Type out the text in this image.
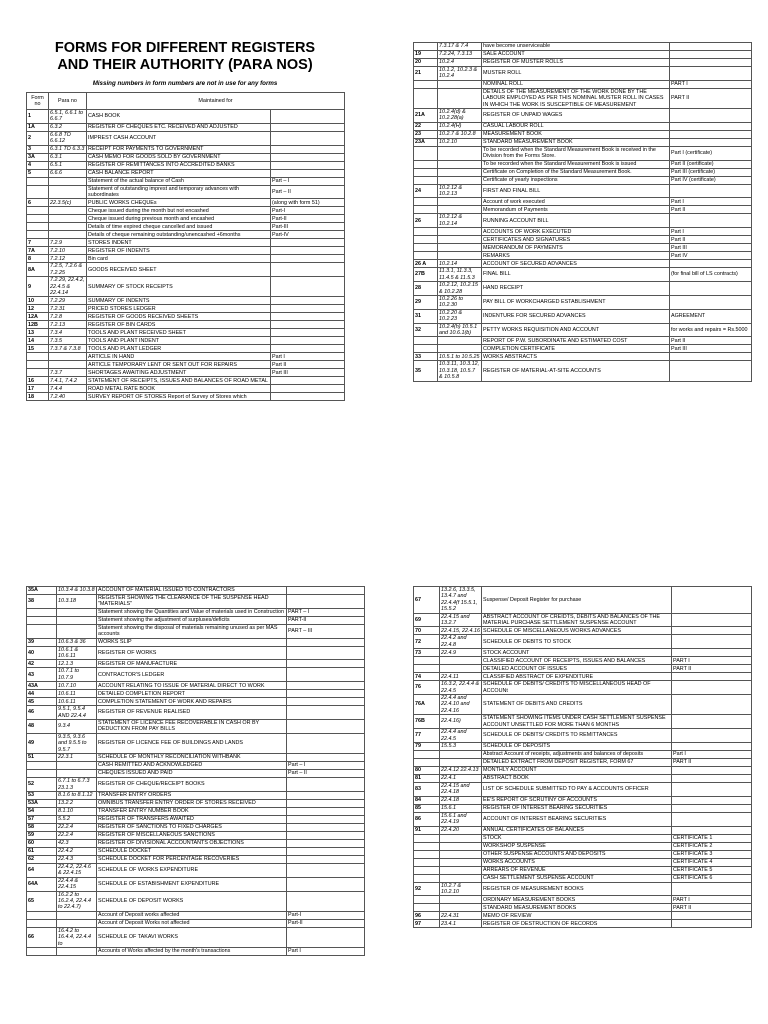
FORMS FOR DIFFERENT REGISTERS
AND THEIR AUTHORITY (PARA NOS)
Missing numbers in form numbers are not in use for any forms
Form no	Para no	Maintained for	
1	6.5.1, 6.6.1 to 6.6.7	CASH BOOK	
1A	6.3.2	REGISTER OF CHEQUES ETC. RECEIVED AND ADJUSTED	
2	6.6.8 TO 6.6.12	IMPREST CASH ACCOUNT	
3	6.3.1 TO 6.3.3	RECEIPT FOR PAYMENTS TO GOVERNMENT	
3A	6.3.1	CASH MEMO FOR GOODS SOLD BY GOVERNMENT	
4	6.5.1	REGISTER OF REMITTANCES INTO ACCREDITED BANKS	
5	6.6.6	CASH BALANCE REPORT	
		Statement of the actual balance of Cash	Part – I
		Statement of outstanding imprest and temporary advances with subordinates	Part – II
6	22.3.5(c)	PUBLIC WORKS CHEQUEs	(along with form 51)
		Cheque issued during the month but not encashed	Part-I
		Cheque issued during previous month and encashed	Part-II
		Details of time expired cheque cancelled and issued	Part-III
		Details of cheque remaining outstanding/unencashed +6months	Part-IV
7	7.2.9	STORES INDENT	
7A	7.2.10	REGISTER OF INDENTS	
8	7.2.12	Bin card	
8A	7.2.5, 7.2.6 & 7.2.25	GOODS RECEIVED SHEET	
9	7.2.29, 22.4.2, 22.4.5 & 22.4.14	SUMMARY OF STOCK RECEIPTS	
10	7.2.29	SUMMARY OF INDENTS	
12	7.2.31	PRICED STORES LEDGER	
12A	7.2.8	REGISTER OF GOODS RECEIVED SHEETS	
12B	7.2.13	REGISTER OF BIN CARDS	
13	7.3.4	TOOLS AND PLANT RECEIVED SHEET	
14	7.3.5	TOOLS AND PLANT INDENT	
15	7.3.7 & 7.3.8	TOOLS AND PLANT LEDGER	
		ARTICLE IN HAND	Part I
		ARTICLE TEMPORARY LENT OR SENT OUT FOR REPAIRS	Part II
	7.3.7	SHORTAGES AWAITING ADJUSTMENT	Part III
16	7.4.1, 7.4.2	STATEMENT OF RECEIPTS, ISSUES AND BALANCES OF ROAD METAL	
17	7.4.4	ROAD METAL RATE BOOK	
18	7.2.40	SURVEY REPORT OF STORES Report of Survey of Stores which	
	7.3.17 & 7.4	have become unserviceable	
19	7.2.24, 7.3.13	SALE ACCOUNT	
20	10.2.4	REGISTER OF MUSTER ROLLS	
21	10.1.2, 10.2.3 & 10.2.4	MUSTER ROLL	
		NOMINAL ROLL	PART I
		DETAILS OF THE MEASUREMENT OF THE WORK DONE BY THE LABOUR EMPLOYED AS PER THIS NOMINAL MUSTER ROLL IN CASES IN WHICH THE WORK IS SUSCEPTIBLE OF MEASUREMENT	PART II
21A	10.2.4(d) & 10.2.28(a)	REGISTER OF UNPAID WAGES	
22	10.2.4(H)	CASUAL LABOUR ROLL	
23	10.2.7 & 10.2.8	MEASUREMENT BOOK	
23A	10.2.10	STANDARD MEASUREMENT BOOK	
		To be recorded when the Standard Measurement Book is received in the Division from the Forms Store.	Part I (certificate)
		To be recorded when the Standard Measurement Book is issued	Part II (certificate)
		Certificate on Completion of the Standard Measurement Book.	Part III (certificate)
		Certificate of yearly inspections	Part IV (certificate)
24	10.2.12 & 10.2.13	FIRST AND FINAL BILL	
		Account of work executed	Part I
		Memorandum of Payments	Part II
26	10.2.12 & 10.2.14	RUNNING ACCOUNT BILL	
		ACCOUNTS OF WORK EXECUTED	Part I
		CERTIFICATES AND SIGNATURES	Part II
		MEMORANDUM OF PAYMENTS	Part III
		REMARKS	Part IV
26 A	10.2.14	ACCOUNT OF SECURED ADVANCES	
27B	11.3.1, 11.3.3, 11.4.5 & 11.5.3	FINAL BILL	(for final bill of LS contracts)
28	10.2.12, 10.2.15 & 10.2.28	HAND RECEIPT	
29	10.2.26 to 10.2.30	PAY BILL OF WORKCHARGED ESTABLISHMENT	
31	10.2.20 & 10.2.23	INDENTURE FOR SECURED ADVANCES	AGREEMENT
32	10.2.4(h) 10.5.1 and 10.6.1(b)	PETTY WORKS REQUISITION AND ACCOUNT	for works and repairs = Rs.5000
		REPORT OF P.W. SUBORDINATE AND ESTIMATED COST	Part II
		COMPLETION CERTIFICATE	Part III
33	10.5.1 to 10.5.25	WORKS ABSTRACTS	
35	10.3.11, 10.3.12, 10.3.18, 10.5.7 & 10.5.8	REGISTER OF MATERIAL-AT-SITE ACCOUNTS	
35A	10.3.4 & 10.3.8	ACCOUNT OF MATERIAL ISSUED TO CONTRACTORS	
38	10.3.18	REGISTER SHOWING THE CLEARANCE OF THE SUSPENSE HEAD "MATERIALS"	
		Statement showing the Quantities and Value of materials used in Construction	PART – I
		Statement showing the adjustment of surpluses/deficits	PART-II
		Statement showing the disposal of materials remaining unused as per MAS accounts	PART – III
39	10.6.3 & 36	WORKS SLIP	
40	10.6.1 & 10.6.11	REGISTER OF WORKS	
42	12.1.3	REGISTER OF MANUFACTURE	
43	10.7.1 to 10.7.9	CONTRACTOR'S LEDGER	
43A	10.7.10	ACCOUNT RELATING TO ISSUE OF MATERIAL DIRECT TO WORK	
44	10.6.11	DETAILED COMPLETION REPORT	
45	10.6.11	COMPLETION STATEMENT OF WORK AND REPAIRS	
46	9.5.1, 9.5.4 AND 22.4.4	REGISTER OF REVENUE REALISED	
48	9.3.4	STATEMENT OF LICENCE FEE RECOVERABLE IN CASH OR BY DEDUCTION FROM PAY BILLS	
49	9.3.5, 9.3.6 and 9.5.5 to 9.5.7	REGISTER OF LICENCE FEE OF BUILDINGS AND LANDS	
51	22.3.1	SCHEDULE OF MONTHLY RECONCILIATION WITHBANK	
		CASH REMITTED AND ACKNOWLEDGED	Part – I
		CHEQUES ISSUED AND PAID	Part – II
52	6.7.1 to 6.7.3 23.1.3	REGISTER OF CHEQUE/RECEIPT BOOKS	
53	8.1.6 to 8.1.12	TRANSFER ENTRY ORDERS	
53A	13.2.2	OMNIBUS TRANSFER ENTRY ORDER OF STORES RECEIVED	
54	8.1.10	TRANSFER ENTRY NUMBER BOOK	
57	5.5.2	REGISTER OF TRANSFERS AWAITED	
58	22.2.4	REGISTER OF SANCTIONS TO FIXED CHARGES	
59	22.2.4	REGISTER OF MISCELLANEOUS SANCTIONS	
60	42.3	REGISTER OF DIVISIONAL ACCOUNTANTS OBJECTIONS	
61	22.4.2	SCHEDULE DOCKET	
62	22.4.3	SCHEDULE DOCKET FOR PERCENTAGE RECOVERIES	
64	22.4.2, 22.4.6 & 22.4.15	SCHEDULE OF WORKS EXPENDITURE	
64A	22.4.4 & 22.4.15	SCHEDULE OF ESTABISHMENT EXPENDITURE	
65	16.2.2 to 16.2.4, 22.4.4 to 22.4.7)	SCHEDULE OF DEPOSIT WORKS	
		Account of Deposit works affected	Part-I
		Account of Deposit Works not affected	Part-II
66	16.4.2 to 16.4.4, 22.4.4 to	SCHEDULE OF TAKAVI WORKS	
		Accounts of Works affected by the month's transactions	Part I
67	13.2.6, 13.3.5, 13.4.7 and 22.4.4(f 15.5.1, 15.5.2	Suspense/ Deposit Register for purchase	
69	22.4.15 and 13.2.7	ABSTRACT ACCOUNT OF CREIDTS, DEBITS AND BALANCES OF THE MATERIAL PURCHASE SETTLEMENT SUSPENSE ACCOUNT	
70	22.4.15, 22.4.16	SCHEDULE OF MISCELLANEOUS WORKS ADVANCES	
72	22.4.2 and 22.4.8	SCHEDULE OF DEBITS TO STOCK	
73	22.4.9	STOCK ACCOUNT	
		CLASSIFIED ACCOUNT OF RECEIPTS, ISSUES AND BALANCES	PART I
		DETAILED ACCOUNT OF ISSUES	PART II
74	22.4.11	CLASSIFIED ABSTRACT OF EXPENDITURE	
76	16.3.2, 22.4.4 & 22.4.5	SCHEDULE OF DEBITS/ CREDITS TO MISCELLANEOUS HEAD OF ACCOUNt	
76A	22.4.4 and 22.4.10 and 22.4.16	STATEMENT OF DEBITS AND CREDITS	
76B	22.4.16)	STATEMENT SHOWING ITEMS UNDER CASH SETTLEMENT SUSPENSE ACCOUNT UNSETTLED FOR MORE THAN 6 MONTHS	
77	22.4.4 and 22.4.5	SCHEDULE OF DEBITS/ CREDITS TO REMITTANCES	
79	15.5.3	SCHEDULE OF DEPOSITS	
		Abstract Account of receipts, adjustments and balances of deposits	Part I
		DETAILED EXTRACT FROM DEPOSIT REGISTER, FORM 67	PART II
80	22.4.12 22.4.13	MONTHLY ACCOUNT	
81	22.4.1	ABSTRACT BOOK	
83	22.4.15 and 22.4.18	LIST OF SCHEDULE SUBMITTED TO PAY & ACCOUNTS OFFICER	
84	22.4.18	EE'S REPORT OF SCRUTINY OF ACCOUNTS	
85	15.6.1	REGISTER OF INTEREST BEARING SECURITIES	
86	15.6.1 and 22.4.19	ACCOUNT OF INTEREST BEARING SECURITIES	
91	22.4.20	ANNUAL CERTIFICATES OF BALANCES	
		STOCK	CERTIFICATE 1
		WORKSHOP SUSPENSE	CERTIFICATE 2
		OTHER SUSPENSE ACCOUNTS AND DEPOSITS	CERTIFICATE 3
		WORKS ACCOUNTS	CERTIFICATE 4
		ARREARS OF REVENUE	CERTIFICATE 5
		CASH SETTLEMENT SUSPENSE ACCOUNT	CERTIFICATE 6
92	10.2.7 & 10.2.10	REGISTER OF MEASUREMENT BOOKS	
		ORDINARY MEASUREMENT BOOKS	PART I
		STANDARD MEASUREMENT BOOKS	PART II
96	22.4.31	MEMO OF REVIEW	
97	23.4.1	REGISTER OF DESTRUCTION OF RECORDS	
